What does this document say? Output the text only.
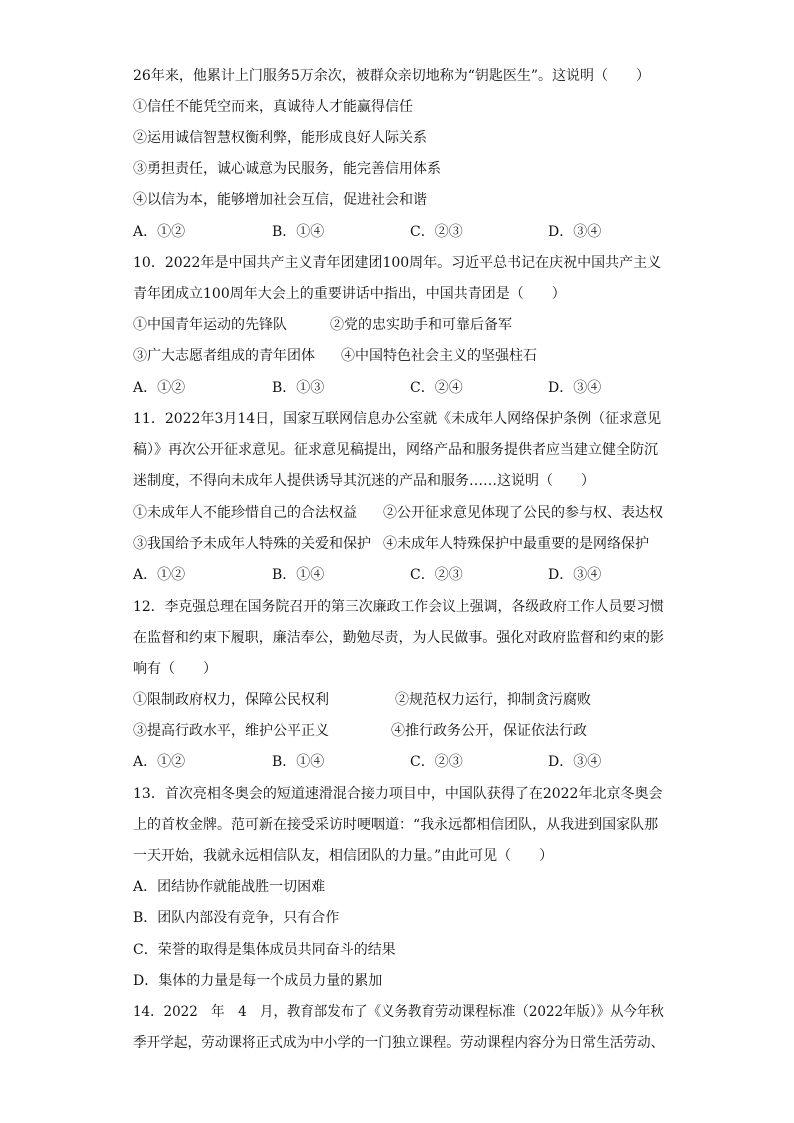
26年来，他累计上门服务5万余次，被群众亲切地称为“钥匙医生”。这说明（　　）
①信任不能凭空而来，真诚待人才能赢得信任
②运用诚信智慧权衡利弊，能形成良好人际关系
③勇担责任，诚心诚意为民服务，能完善信用体系
④以信为本，能够增加社会互信，促进社会和谐
A．①②	B．①④	C．②③	D．③④
10．2022年是中国共产主义青年团建团100周年。习近平总书记在庆祝中国共产主义
青年团成立100周年大会上的重要讲话中指出，中国共青团是（　　）
①中国青年运动的先锋队	②党的忠实助手和可靠后备军
③广大志愿者组成的青年团体 ④中国特色社会主义的坚强柱石
A．①②	B．①③	C．②④	D．③④
11．2022年3月14日，国家互联网信息办公室就《未成年人网络保护条例（征求意见
稿）》再次公开征求意见。征求意见稿提出，网络产品和服务提供者应当建立健全防沉
迷制度，不得向未成年人提供诱导其沉迷的产品和服务……这说明（　　）
①未成年人不能珍惜自己的合法权益 ②公开征求意见体现了公民的参与权、表达权
③我国给予未成年人特殊的关爱和保护 ④未成年人特殊保护中最重要的是网络保护
A．①②	B．①④	C．②③	D．③④
12．李克强总理在国务院召开的第三次廉政工作会议上强调，各级政府工作人员要习惯
在监督和约束下履职，廉洁奉公，勤勉尽责，为人民做事。强化对政府监督和约束的影
响有（　　）
①限制政府权力，保障公民权利	②规范权力运行，抑制贪污腐败
③提高行政水平，维护公平正义	④推行政务公开，保证依法行政
A．①②	B．①④	C．②③	D．③④
13．首次亮相冬奥会的短道速滑混合接力项目中，中国队获得了在2022年北京冬奥会
上的首枚金牌。范可新在接受采访时哽咽道：“我永远都相信团队，从我进到国家队那
一天开始，我就永远相信队友，相信团队的力量。”由此可见（　　）
A．团结协作就能战胜一切困难
B．团队内部没有竞争，只有合作
C．荣誉的取得是集体成员共同奋斗的结果
D．集体的力量是每一个成员力量的累加
14．2022　年　4　月，教育部发布了《义务教育劳动课程标准（2022年版）》从今年秋
季开学起，劳动课将正式成为中小学的一门独立课程。劳动课程内容分为日常生活劳动、
